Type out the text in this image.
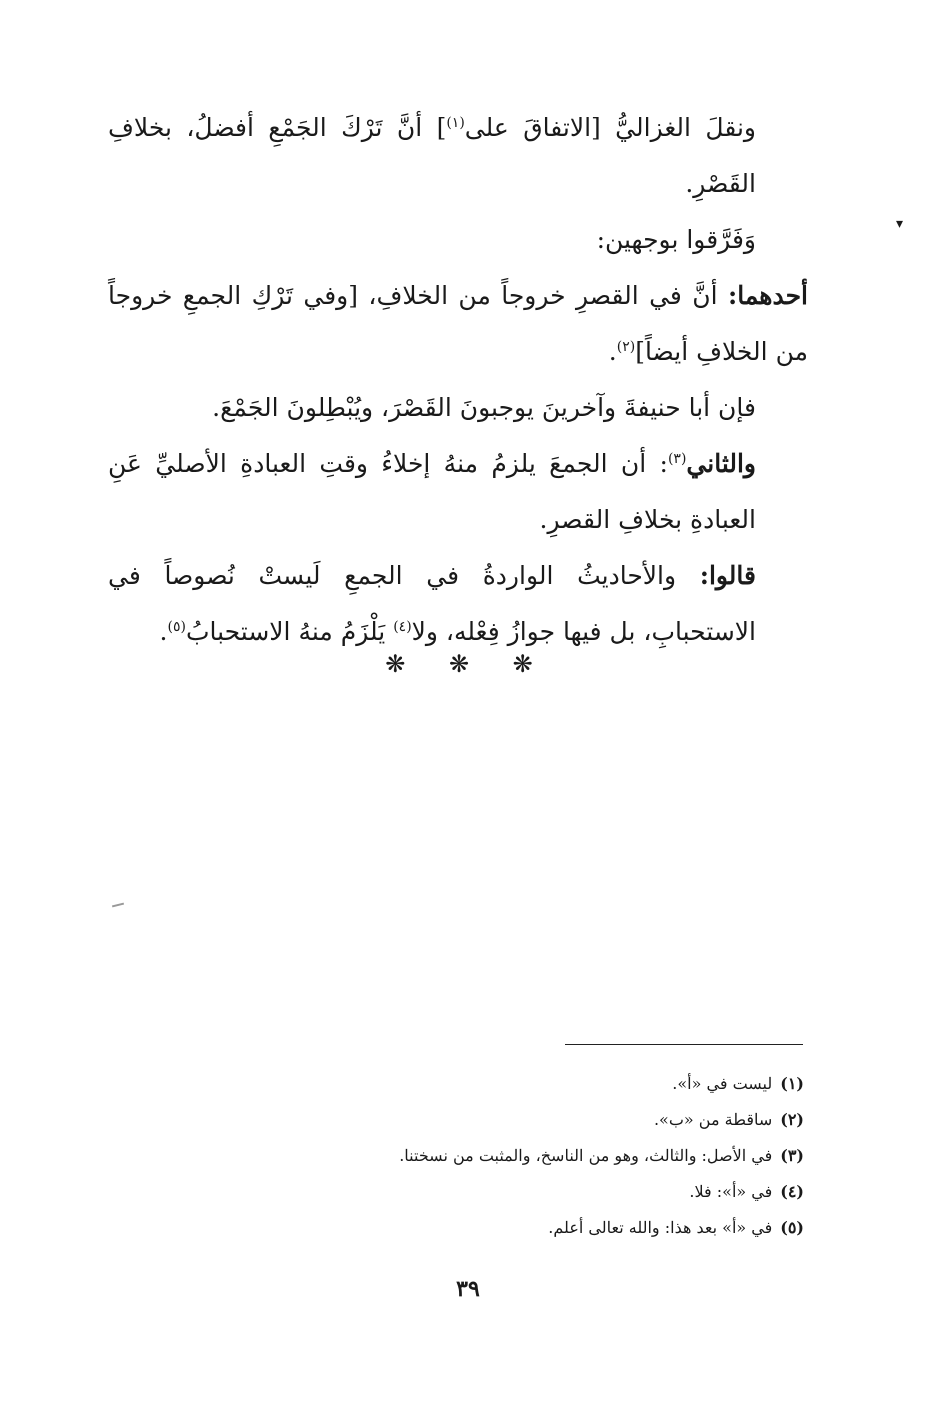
ونقلَ الغزاليُّ [الاتفاقَ على$^{(١)}$] أنَّ تَرْكَ الجَمْعِ أفضلُ، بخلافِ القَصْرِ.

وَفَرَّقوا بوجهين:

أحدهما: أنَّ في القصرِ خروجاً من الخلافِ، [وفي تَرْكِ الجمعِ خروجاً من الخلافِ أيضاً]$^{(٢)}$.

فإن أبا حنيفةَ وآخرينَ يوجبونَ القَصْرَ، ويُبْطِلونَ الجَمْعَ.

والثاني$^{(٣)}$: أن الجمعَ يلزمُ منهُ إخلاءُ وقتِ العبادةِ الأصليِّ عَنِ العبادةِ بخلافِ القصرِ.

قالوا: والأحاديثُ الواردةُ في الجمعِ لَيستْ نُصوصاً في الاستحبابِ، بل فيها جوازُ فِعْله، ولا$^{(٤)}$ يَلْزَمُ منهُ الاستحبابُ$^{(٥)}$.

▾
❋ ❋ ❋
(١)ليست في «أ».
(٢)ساقطة من «ب».
(٣)في الأصل: والثالث، وهو من الناسخ، والمثبت من نسختنا.
(٤)في «أ»: فلا.
(٥)في «أ» بعد هذا: والله تعالى أعلم.
٣٩
